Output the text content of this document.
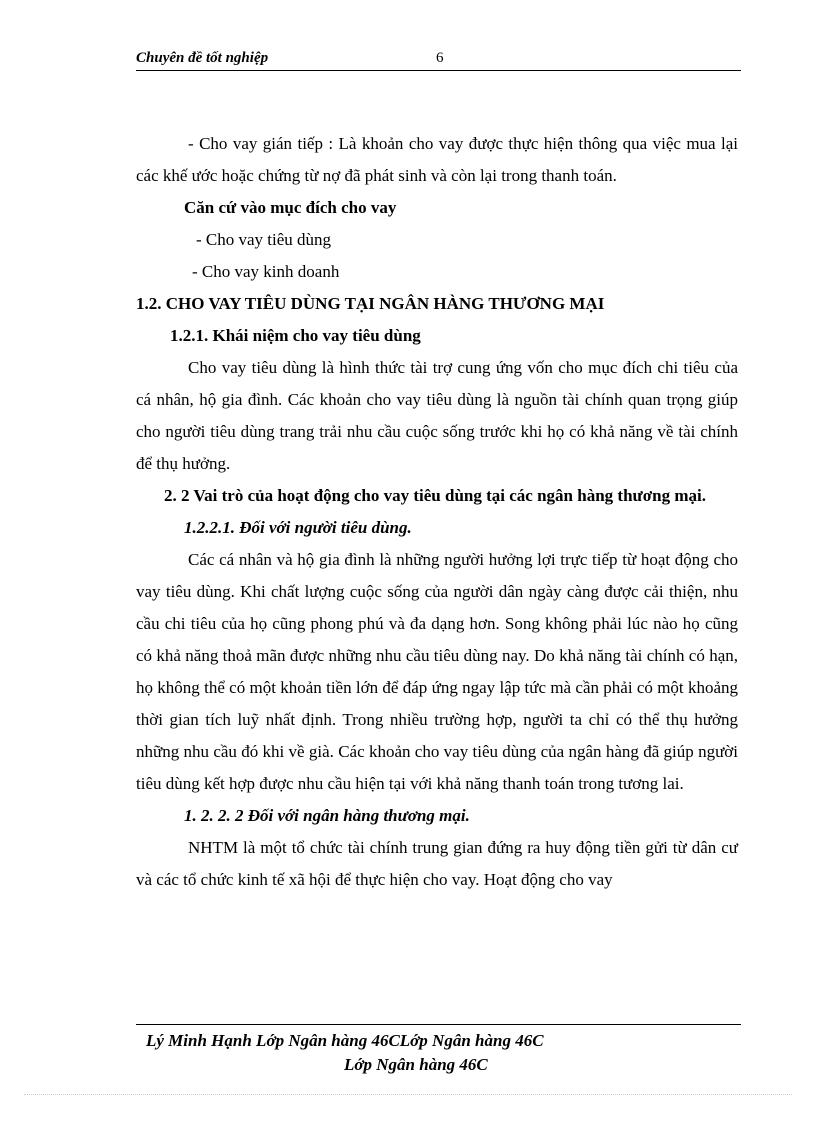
Chuyên đề tốt nghiệp	6

- Cho vay gián tiếp : Là khoản cho vay được thực hiện thông qua việc mua lại các khế ước hoặc chứng từ nợ đã phát sinh và còn lại trong thanh toán.

Căn cứ vào mục đích cho vay

- Cho vay tiêu dùng

- Cho vay kinh doanh

1.2. CHO VAY TIÊU DÙNG TẠI NGÂN HÀNG THƯƠNG MẠI

1.2.1. Khái niệm cho vay tiêu dùng

Cho vay tiêu dùng là hình thức tài trợ cung ứng vốn cho mục đích chi tiêu của cá nhân, hộ gia đình. Các khoản cho vay tiêu dùng là nguồn tài chính quan trọng giúp cho người tiêu dùng trang trải nhu cầu cuộc sống trước khi họ có khả năng về tài chính để thụ hưởng.

2. 2 Vai trò của hoạt động cho vay tiêu dùng tại các ngân hàng thương mại.

1.2.2.1. Đối với người tiêu dùng.

Các cá nhân và hộ gia đình là những người hưởng lợi trực tiếp từ hoạt động cho vay tiêu dùng. Khi chất lượng cuộc sống của người dân ngày càng được cải thiện, nhu cầu chi tiêu của họ cũng phong phú và đa dạng hơn. Song không phải lúc nào họ cũng có khả năng thoả mãn được những nhu cầu tiêu dùng nay. Do khả năng tài chính có hạn, họ không thể có một khoản tiền lớn để đáp ứng ngay lập tức mà cần phải có một khoảng thời gian tích luỹ nhất định. Trong nhiều trường hợp, người ta chỉ có thể thụ hưởng những nhu cầu đó khi về già. Các khoản cho vay tiêu dùng của ngân hàng đã giúp người tiêu dùng kết hợp được nhu cầu hiện tại với khả năng thanh toán trong tương lai.

1. 2. 2. 2 Đối với ngân hàng thương mại.

NHTM là một tổ chức tài chính trung gian đứng ra huy động tiền gửi từ dân cư và các tổ chức kinh tế xã hội để thực hiện cho vay. Hoạt động cho vay

Lý Minh Hạnh Lớp Ngân hàng 46CLớp Ngân hàng 46C
Lớp Ngân hàng 46C
